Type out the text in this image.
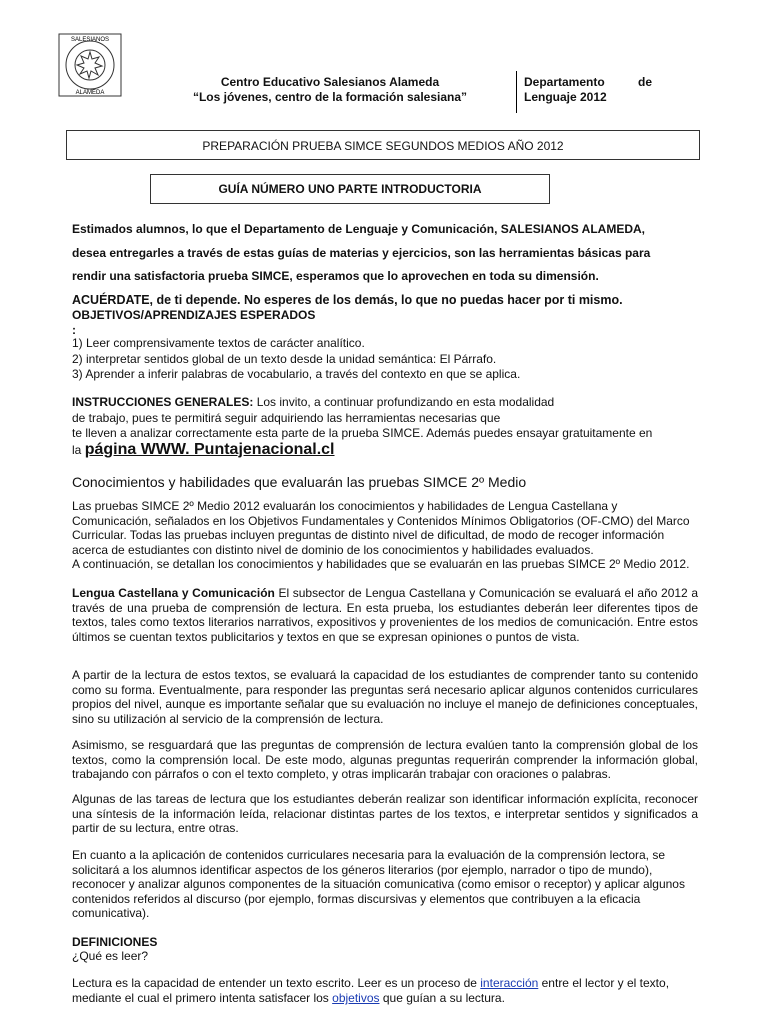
SALESIANOS
ALAMEDA
Centro Educativo Salesianos Alameda
“Los jóvenes, centro de la formación salesiana”
Departamento	de
Lenguaje 2012
PREPARACIÓN PRUEBA SIMCE SEGUNDOS MEDIOS AÑO 2012
GUÍA NÚMERO UNO PARTE INTRODUCTORIA
Estimados alumnos, lo que el Departamento de Lenguaje y Comunicación, SALESIANOS ALAMEDA,
desea entregarles a través de estas guías de materias y ejercicios, son las herramientas básicas para
rendir una satisfactoria prueba SIMCE, esperamos que lo aprovechen en toda su dimensión.
ACUÉRDATE, de ti depende. No esperes de los demás, lo que no puedas hacer por ti mismo.
OBJETIVOS/APRENDIZAJES ESPERADOS
:
1) Leer comprensivamente textos de carácter analítico.
2) interpretar sentidos global de un texto desde la unidad semántica: El Párrafo.
3) Aprender a inferir palabras de vocabulario, a través del contexto en que se aplica.
INSTRUCCIONES GENERALES: Los invito, a continuar profundizando en esta modalidad
de trabajo, pues te permitirá seguir adquiriendo las herramientas necesarias que
te lleven a analizar correctamente esta parte de la prueba SIMCE. Además puedes ensayar gratuitamente en
la página WWW. Puntajenacional.cl
Conocimientos y habilidades que evaluarán las pruebas SIMCE 2º Medio
Las pruebas SIMCE 2º Medio 2012 evaluarán los conocimientos y habilidades de Lengua Castellana y Comunicación, señalados en los Objetivos Fundamentales y Contenidos Mínimos Obligatorios (OF-CMO) del Marco Curricular. Todas las pruebas incluyen preguntas de distinto nivel de dificultad, de modo de recoger información acerca de estudiantes con distinto nivel de dominio de los conocimientos y habilidades evaluados.
A continuación, se detallan los conocimientos y habilidades que se evaluarán en las pruebas SIMCE 2º Medio 2012.
Lengua Castellana y Comunicación El subsector de Lengua Castellana y Comunicación se evaluará el año 2012 a través de una prueba de comprensión de lectura. En esta prueba, los estudiantes deberán leer diferentes tipos de textos, tales como textos literarios narrativos, expositivos y provenientes de los medios de comunicación. Entre estos últimos se cuentan textos publicitarios y textos en que se expresan opiniones o puntos de vista.
A partir de la lectura de estos textos, se evaluará la capacidad de los estudiantes de comprender tanto su contenido como su forma. Eventualmente, para responder las preguntas será necesario aplicar algunos contenidos curriculares propios del nivel, aunque es importante señalar que su evaluación no incluye el manejo de definiciones conceptuales, sino su utilización al servicio de la comprensión de lectura.
Asimismo, se resguardará que las preguntas de comprensión de lectura evalúen tanto la comprensión global de los textos, como la comprensión local. De este modo, algunas preguntas requerirán comprender la información global, trabajando con párrafos o con el texto completo, y otras implicarán trabajar con oraciones o palabras.
Algunas de las tareas de lectura que los estudiantes deberán realizar son identificar información explícita, reconocer una síntesis de la información leída, relacionar distintas partes de los textos, e interpretar sentidos y significados a partir de su lectura, entre otras.
En cuanto a la aplicación de contenidos curriculares necesaria para la evaluación de la comprensión lectora, se solicitará a los alumnos identificar aspectos de los géneros literarios (por ejemplo, narrador o tipo de mundo), reconocer y analizar algunos componentes de la situación comunicativa (como emisor o receptor) y aplicar algunos contenidos referidos al discurso (por ejemplo, formas discursivas y elementos que contribuyen a la eficacia comunicativa).
DEFINICIONES
¿Qué es leer?
Lectura es la capacidad de entender un texto escrito. Leer es un proceso de interacción entre el lector y el texto, mediante el cual el primero intenta satisfacer los objetivos que guían a su lectura.
